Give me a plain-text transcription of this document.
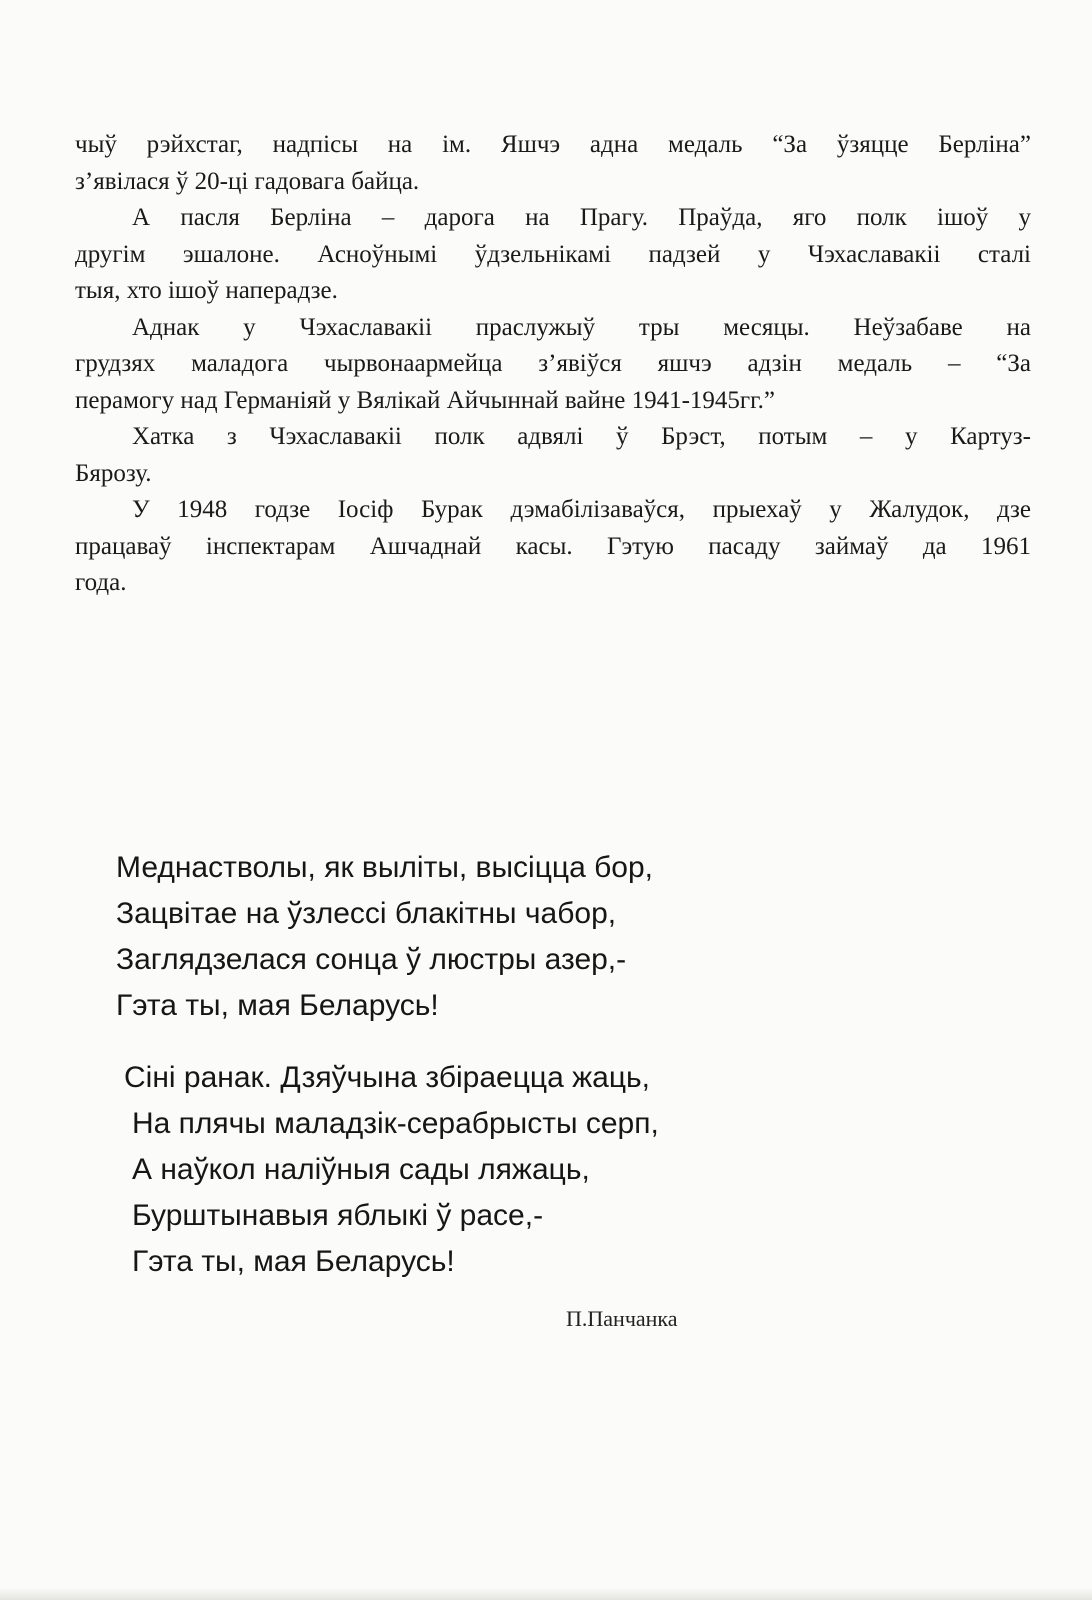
чыў рэйхстаг, надпісы на ім. Яшчэ адна медаль “За ўзяцце Берліна”
з’явілася ў 20-ці гадовага байца.

А пасля Берліна – дарога на Прагу. Праўда, яго полк ішоў у
другім эшалоне. Асноўнымі ўдзельнікамі падзей у Чэхаславакіі сталі
тыя, хто ішоў наперадзе.

Аднак у Чэхаславакіі праслужыў тры месяцы. Неўзабаве на
грудзях маладога чырвонаармейца з’явіўся яшчэ адзін медаль – “За
перамогу над Германіяй у Вялікай Айчыннай вайне 1941-1945гг.”

Хатка з Чэхаславакіі полк адвялі ў Брэст, потым – у Картуз-
Бярозу.

У 1948 годзе Іосіф Бурак дэмабілізаваўся, прыехаў у Жалудок, дзе
працаваў інспектарам Ашчаднай касы. Гэтую пасаду займаў да 1961
года.

Меднастволы, як выліты, высіцца бор,
Зацвітае на ўзлессі блакітны чабор,
Заглядзелася сонца ў люстры азер,-
Гэта ты, мая Беларусь!
Сіні ранак. Дзяўчына збіраецца жаць,
На плячы маладзік-серабрысты серп,
А наўкол наліўныя сады ляжаць,
Бурштынавыя яблыкі ў расе,-
Гэта ты, мая Беларусь!
П.Панчанка
